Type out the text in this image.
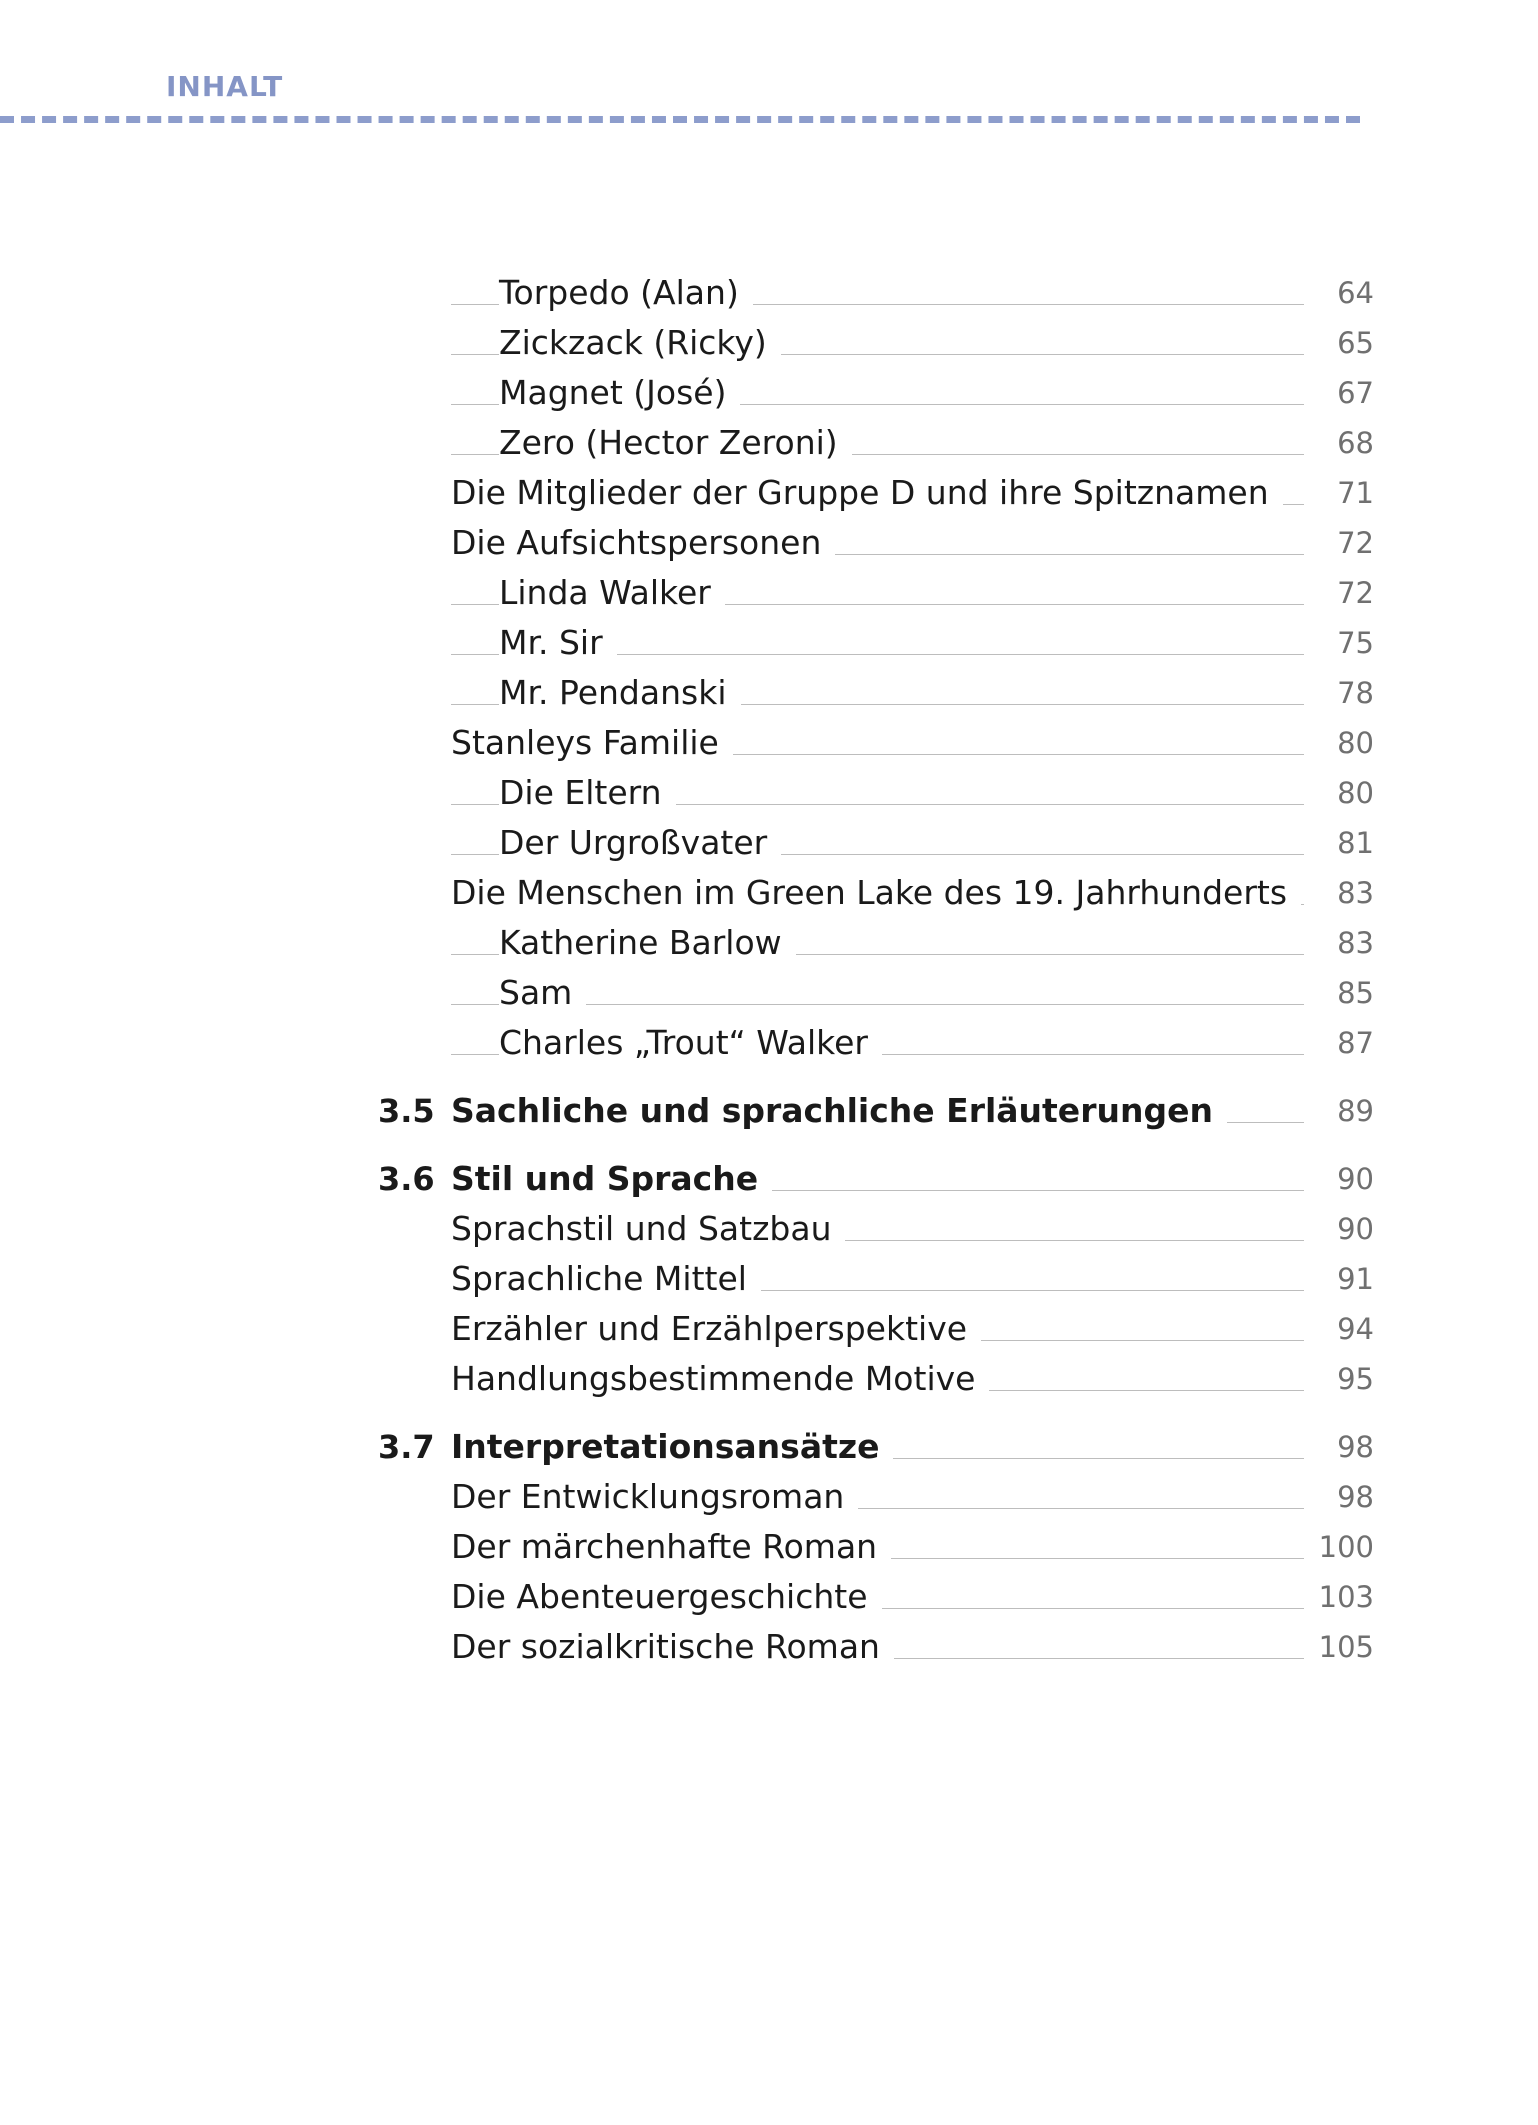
INHALT
Torpedo (Alan)	64
Zickzack (Ricky)	65
Magnet (José)	67
Zero (Hector Zeroni)	68
Die Mitglieder der Gruppe D und ihre Spitznamen	71
Die Aufsichtspersonen	72
Linda Walker	72
Mr. Sir	75
Mr. Pendanski	78
Stanleys Familie	80
Die Eltern	80
Der Urgroßvater	81
Die Menschen im Green Lake des 19. Jahrhunderts	83
Katherine Barlow	83
Sam	85
Charles „Trout“ Walker	87
3.5 Sachliche und sprachliche Erläuterungen	89
3.6 Stil und Sprache	90
Sprachstil und Satzbau	90
Sprachliche Mittel	91
Erzähler und Erzählperspektive	94
Handlungsbestimmende Motive	95
3.7 Interpretationsansätze	98
Der Entwicklungsroman	98
Der märchenhafte Roman	100
Die Abenteuergeschichte	103
Der sozialkritische Roman	105
